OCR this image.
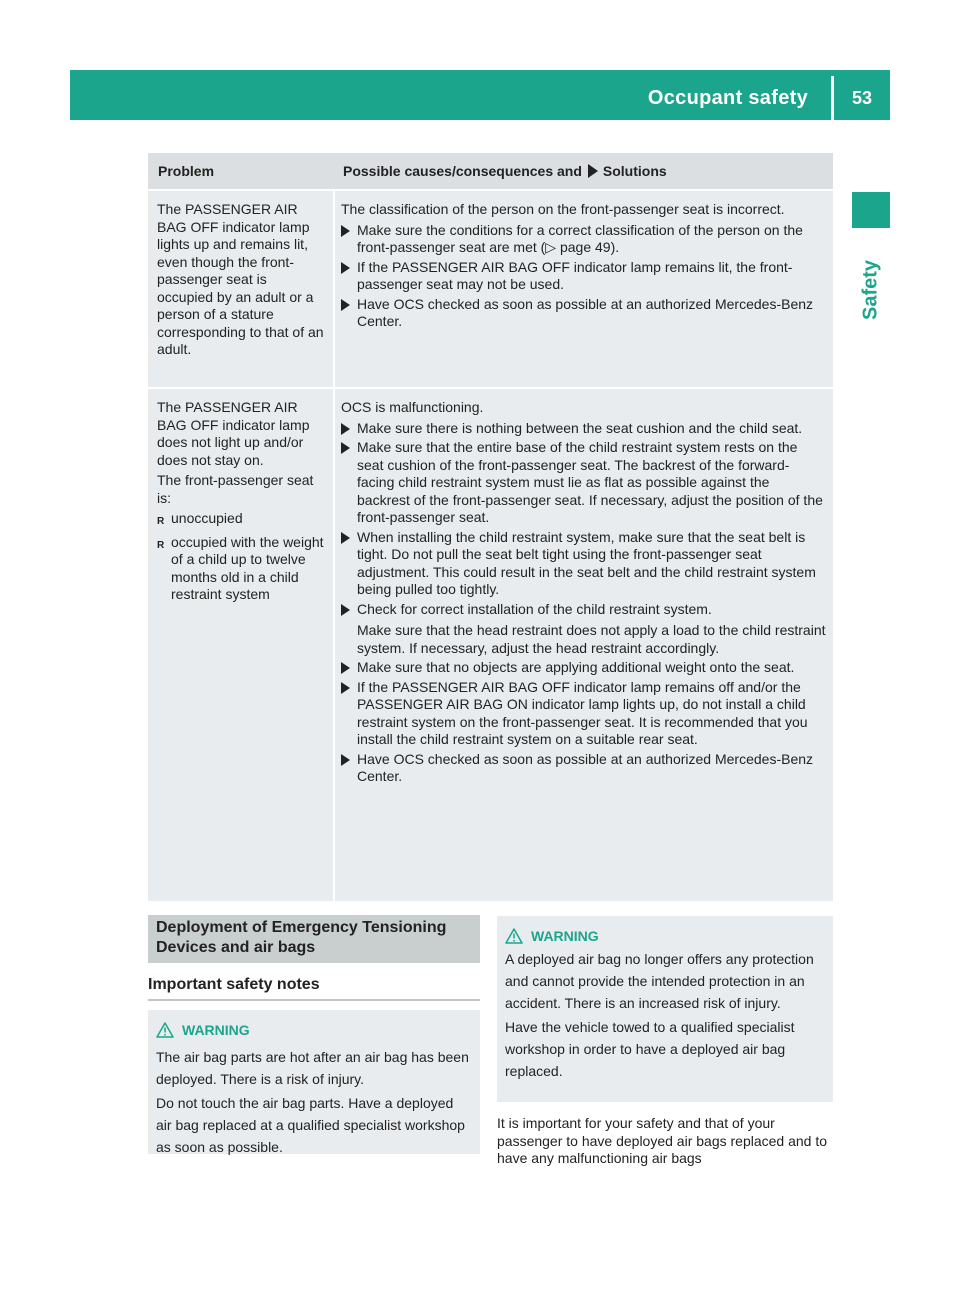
Occupant safety	53
Safety
Problem	Possible causes/consequences and Solutions
The PASSENGER AIR BAG OFF indicator lamp lights up and remains lit, even though the front-passenger seat is occupied by an adult or a person of a stature corresponding to that of an adult.
The classification of the person on the front-passenger seat is incorrect.
Make sure the conditions for a correct classification of the person on the front-passenger seat are met (▷ page 49).
If the PASSENGER AIR BAG OFF indicator lamp remains lit, the front-passenger seat may not be used.
Have OCS checked as soon as possible at an authorized Mercedes-Benz Center.
The PASSENGER AIR BAG OFF indicator lamp does not light up and/or does not stay on.
The front-passenger seat is:
R unoccupied
R occupied with the weight of a child up to twelve months old in a child restraint system
OCS is malfunctioning.
Make sure there is nothing between the seat cushion and the child seat.
Make sure that the entire base of the child restraint system rests on the seat cushion of the front-passenger seat. The backrest of the forward-facing child restraint system must lie as flat as possible against the backrest of the front-passenger seat. If necessary, adjust the position of the front-passenger seat.
When installing the child restraint system, make sure that the seat belt is tight. Do not pull the seat belt tight using the front-passenger seat adjustment. This could result in the seat belt and the child restraint system being pulled too tightly.
Check for correct installation of the child restraint system.
Make sure that the head restraint does not apply a load to the child restraint system. If necessary, adjust the head restraint accordingly.
Make sure that no objects are applying additional weight onto the seat.
If the PASSENGER AIR BAG OFF indicator lamp remains off and/or the PASSENGER AIR BAG ON indicator lamp lights up, do not install a child restraint system on the front-passenger seat. It is recommended that you install the child restraint system on a suitable rear seat.
Have OCS checked as soon as possible at an authorized Mercedes-Benz Center.
Deployment of Emergency Tensioning Devices and air bags
Important safety notes
WARNING
The air bag parts are hot after an air bag has been deployed. There is a risk of injury.
Do not touch the air bag parts. Have a deployed air bag replaced at a qualified specialist workshop as soon as possible.
WARNING
A deployed air bag no longer offers any protection and cannot provide the intended protection in an accident. There is an increased risk of injury.
Have the vehicle towed to a qualified specialist workshop in order to have a deployed air bag replaced.
It is important for your safety and that of your passenger to have deployed air bags replaced and to have any malfunctioning air bags
